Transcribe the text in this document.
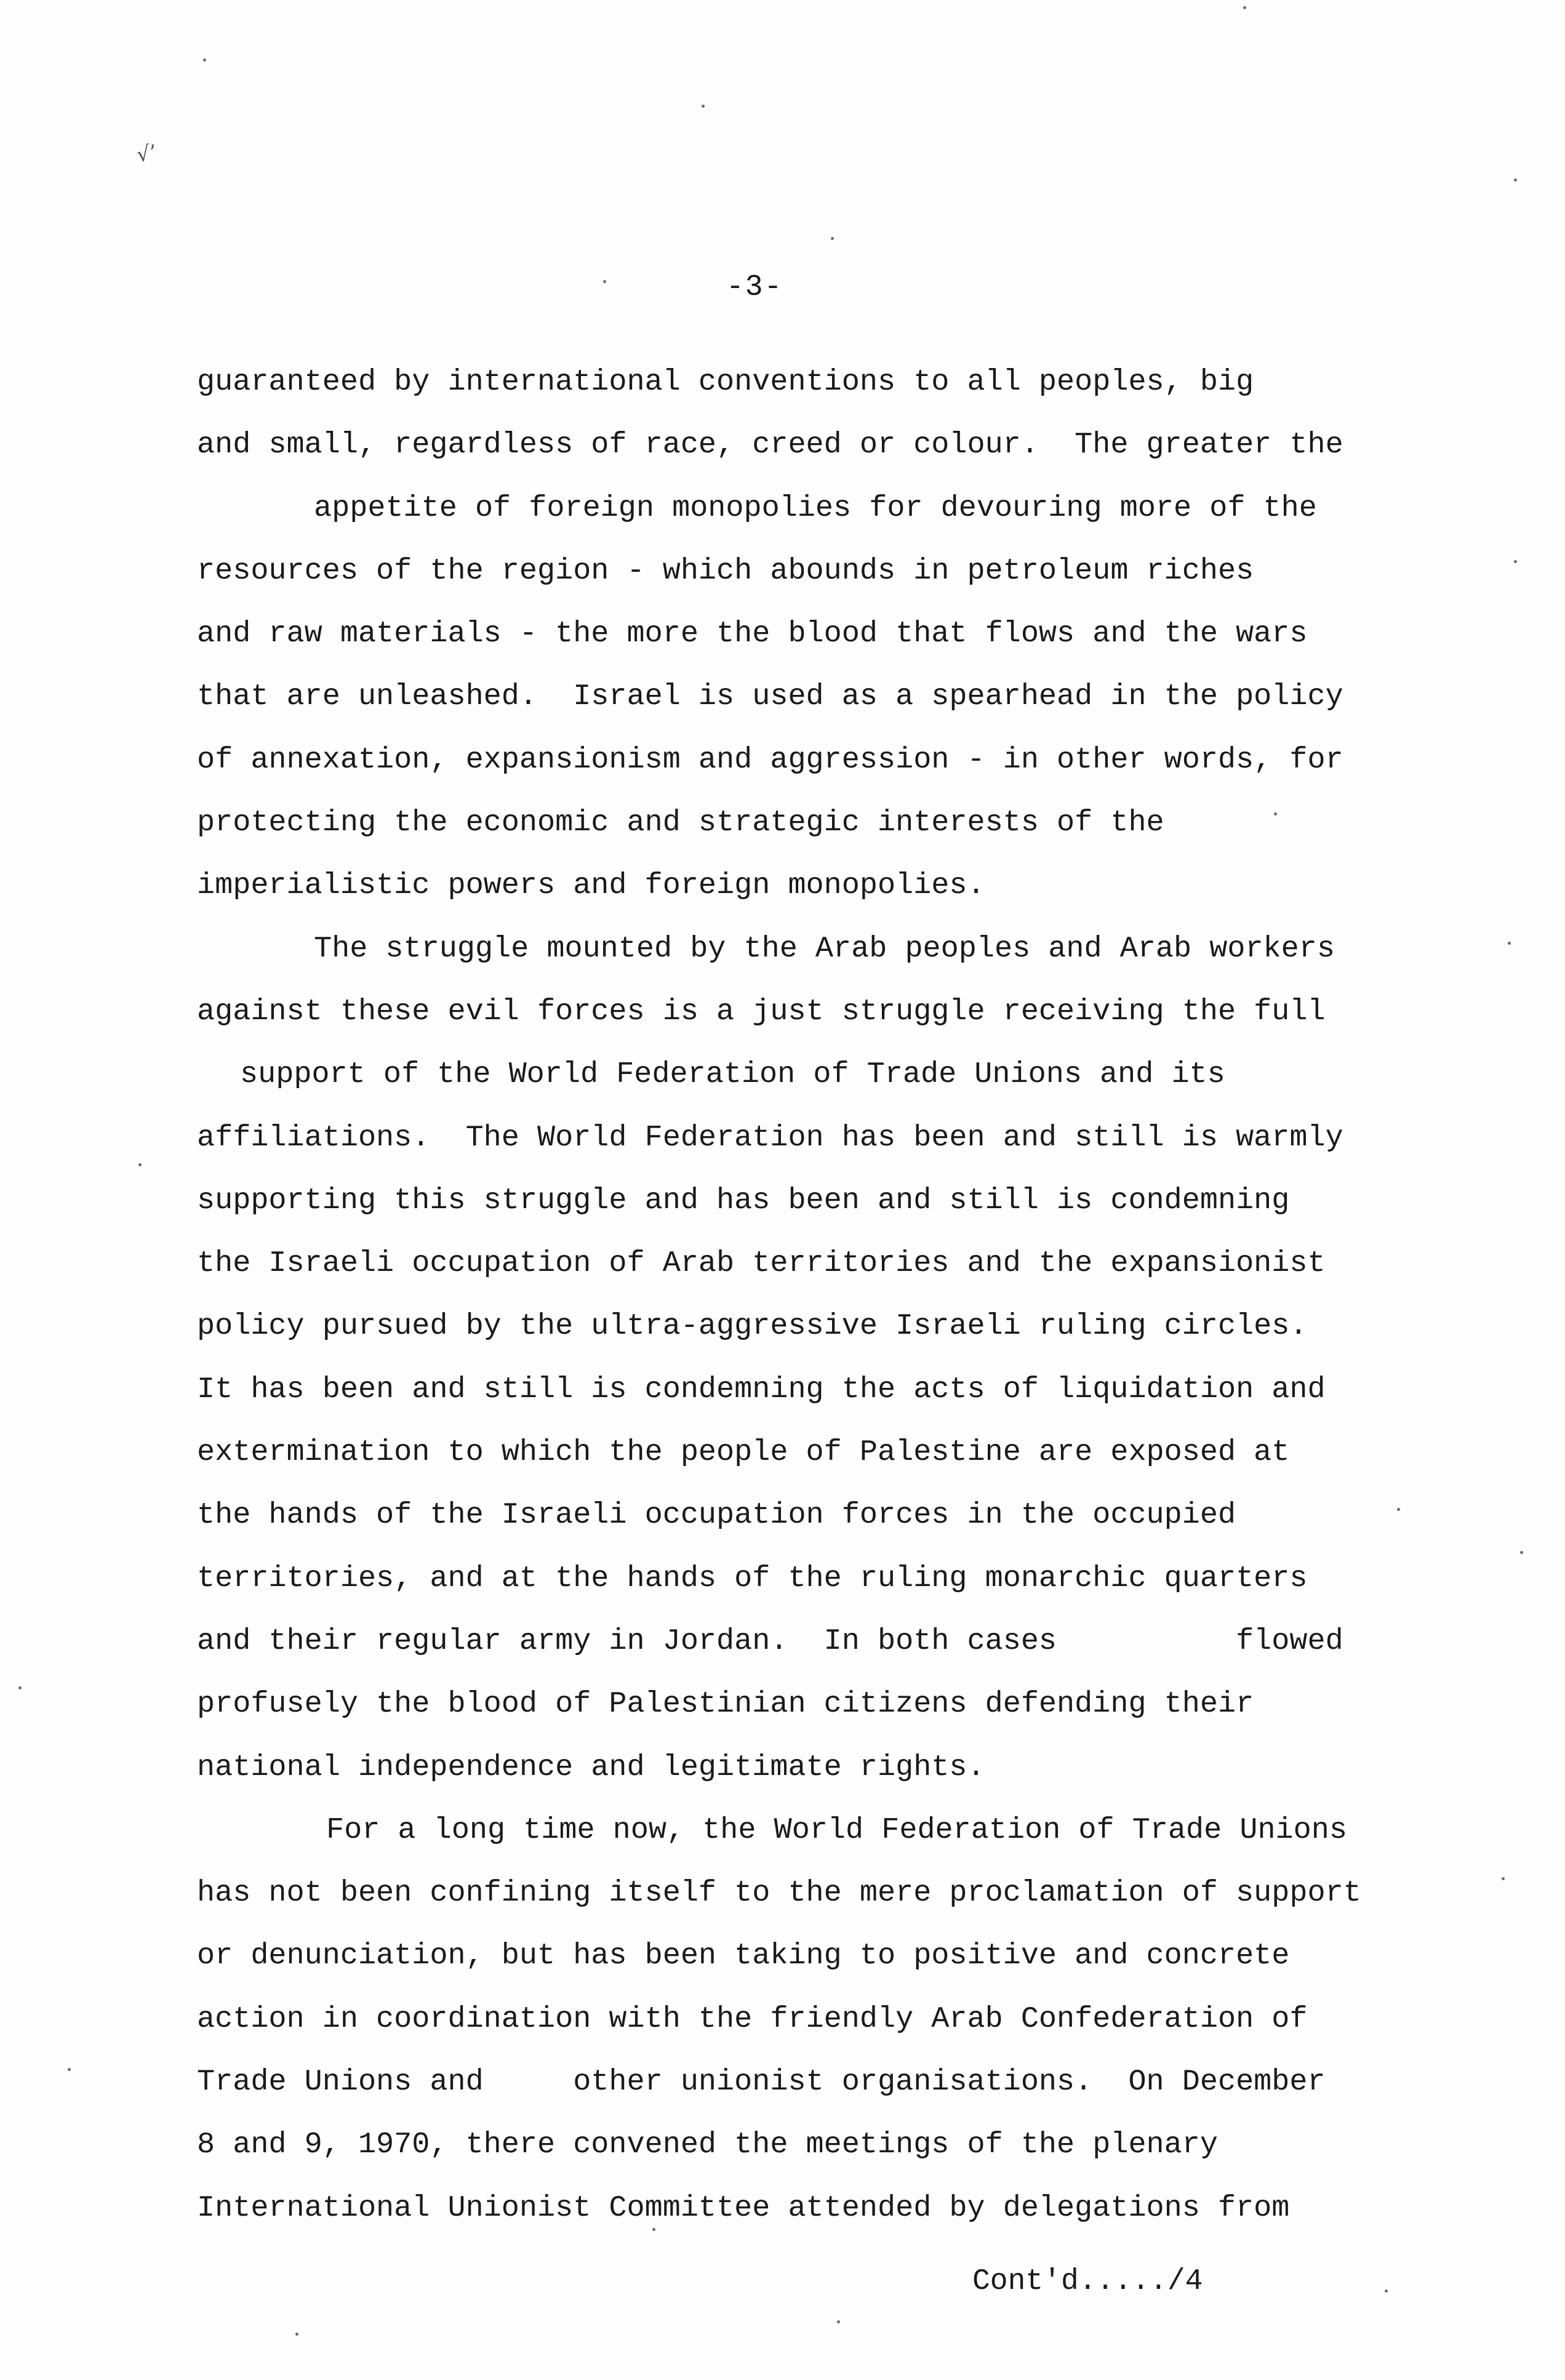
√’
-3-
guaranteed by international conventions to all peoples, big
and small, regardless of race, creed or colour.  The greater the
appetite of foreign monopolies for devouring more of the
resources of the region - which abounds in petroleum riches
and raw materials - the more the blood that flows and the wars
that are unleashed.  Israel is used as a spearhead in the policy
of annexation, expansionism and aggression - in other words, for
protecting the economic and strategic interests of the
imperialistic powers and foreign monopolies.
The struggle mounted by the Arab peoples and Arab workers
against these evil forces is a just struggle receiving the full
support of the World Federation of Trade Unions and its
affiliations.  The World Federation has been and still is warmly
supporting this struggle and has been and still is condemning
the Israeli occupation of Arab territories and the expansionist
policy pursued by the ultra-aggressive Israeli ruling circles.
It has been and still is condemning the acts of liquidation and
extermination to which the people of Palestine are exposed at
the hands of the Israeli occupation forces in the occupied
territories, and at the hands of the ruling monarchic quarters
and their regular army in Jordan.  In both cases          flowed
profusely the blood of Palestinian citizens defending their
national independence and legitimate rights.
For a long time now, the World Federation of Trade Unions
has not been confining itself to the mere proclamation of support
or denunciation, but has been taking to positive and concrete
action in coordination with the friendly Arab Confederation of
Trade Unions and     other unionist organisations.  On December
8 and 9, 1970, there convened the meetings of the plenary
International Unionist Committee attended by delegations from
Cont'd...../4
